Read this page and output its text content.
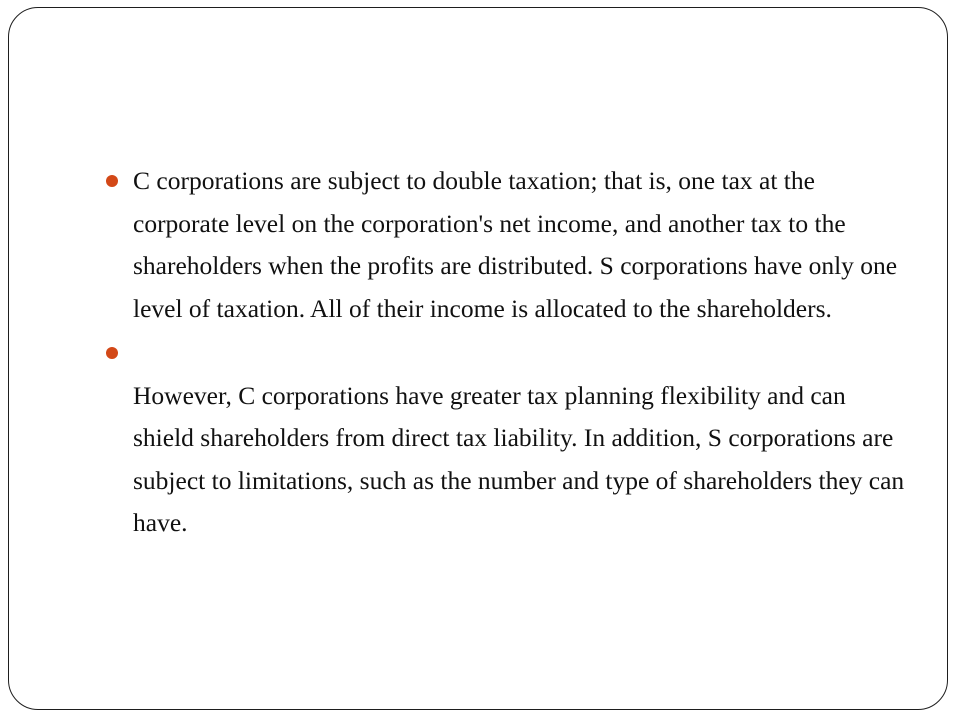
C corporations are subject to double taxation; that is, one tax at the corporate level on the corporation's net income, and another tax to the shareholders when the profits are distributed. S corporations have only one level of taxation. All of their income is allocated to the shareholders.
However, C corporations have greater tax planning flexibility and can shield shareholders from direct tax liability. In addition, S corporations are subject to limitations, such as the number and type of shareholders they can have.
